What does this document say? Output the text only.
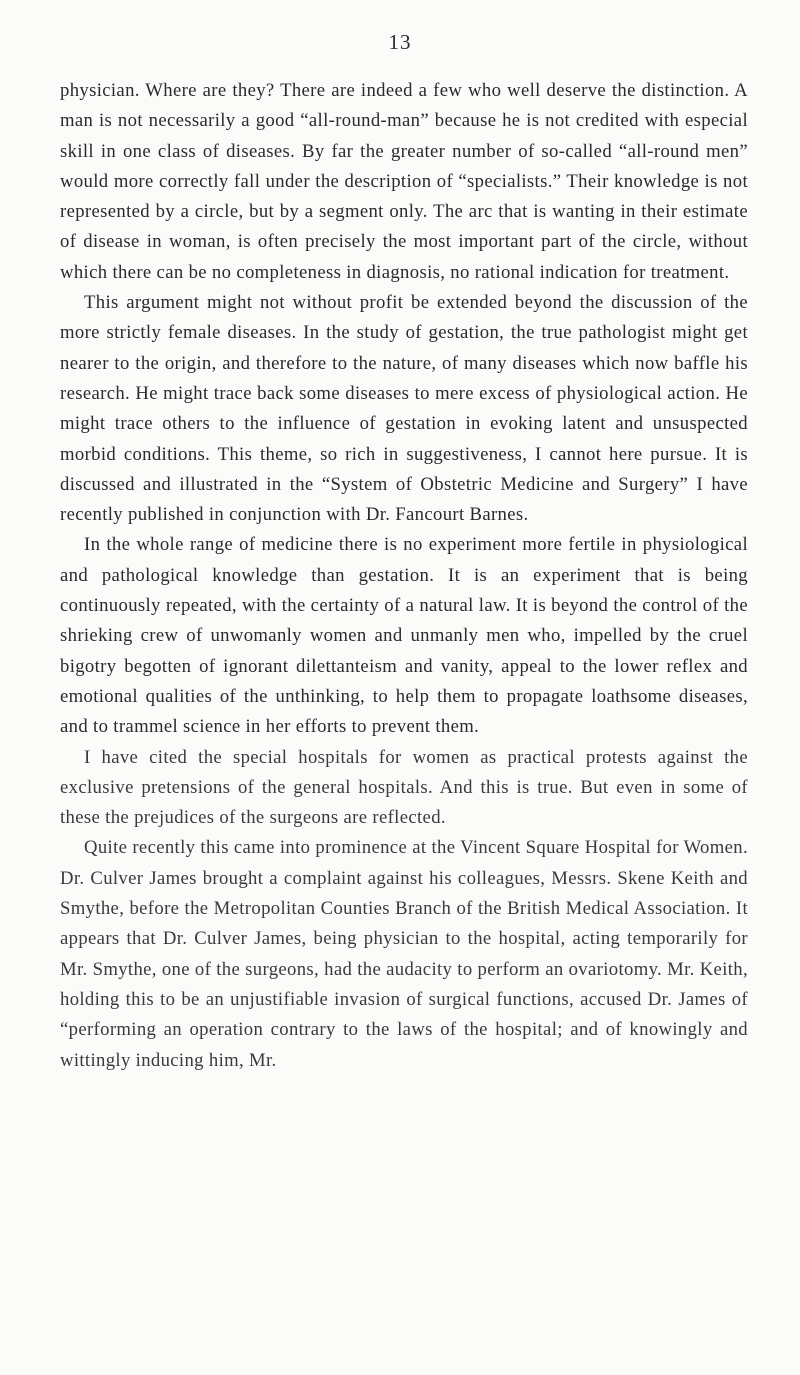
13

physician. Where are they? There are indeed a few who well deserve the distinction. A man is not necessarily a good “all-round-man” because he is not credited with especial skill in one class of diseases. By far the greater number of so-called “all-round men” would more correctly fall under the description of “specialists.” Their knowledge is not represented by a circle, but by a segment only. The arc that is wanting in their estimate of disease in woman, is often precisely the most important part of the circle, without which there can be no completeness in diagnosis, no rational indication for treatment.

This argument might not without profit be extended beyond the discussion of the more strictly female diseases. In the study of gestation, the true pathologist might get nearer to the origin, and therefore to the nature, of many diseases which now baffle his research. He might trace back some diseases to mere excess of physiological action. He might trace others to the influence of gestation in evoking latent and unsuspected morbid conditions. This theme, so rich in suggestiveness, I cannot here pursue. It is discussed and illustrated in the “System of Obstetric Medicine and Surgery” I have recently published in conjunction with Dr. Fancourt Barnes.

In the whole range of medicine there is no experiment more fertile in physiological and pathological knowledge than gestation. It is an experiment that is being continuously repeated, with the certainty of a natural law. It is beyond the control of the shrieking crew of unwomanly women and unmanly men who, impelled by the cruel bigotry begotten of ignorant dilettanteism and vanity, appeal to the lower reflex and emotional qualities of the unthinking, to help them to propagate loathsome diseases, and to trammel science in her efforts to prevent them.

I have cited the special hospitals for women as practical protests against the exclusive pretensions of the general hospitals. And this is true. But even in some of these the prejudices of the surgeons are reflected.

Quite recently this came into prominence at the Vincent Square Hospital for Women. Dr. Culver James brought a complaint against his colleagues, Messrs. Skene Keith and Smythe, before the Metropolitan Counties Branch of the British Medical Association. It appears that Dr. Culver James, being physician to the hospital, acting temporarily for Mr. Smythe, one of the surgeons, had the audacity to perform an ovariotomy. Mr. Keith, holding this to be an unjustifiable invasion of surgical functions, accused Dr. James of “performing an operation contrary to the laws of the hospital; and of knowingly and wittingly inducing him, Mr.
